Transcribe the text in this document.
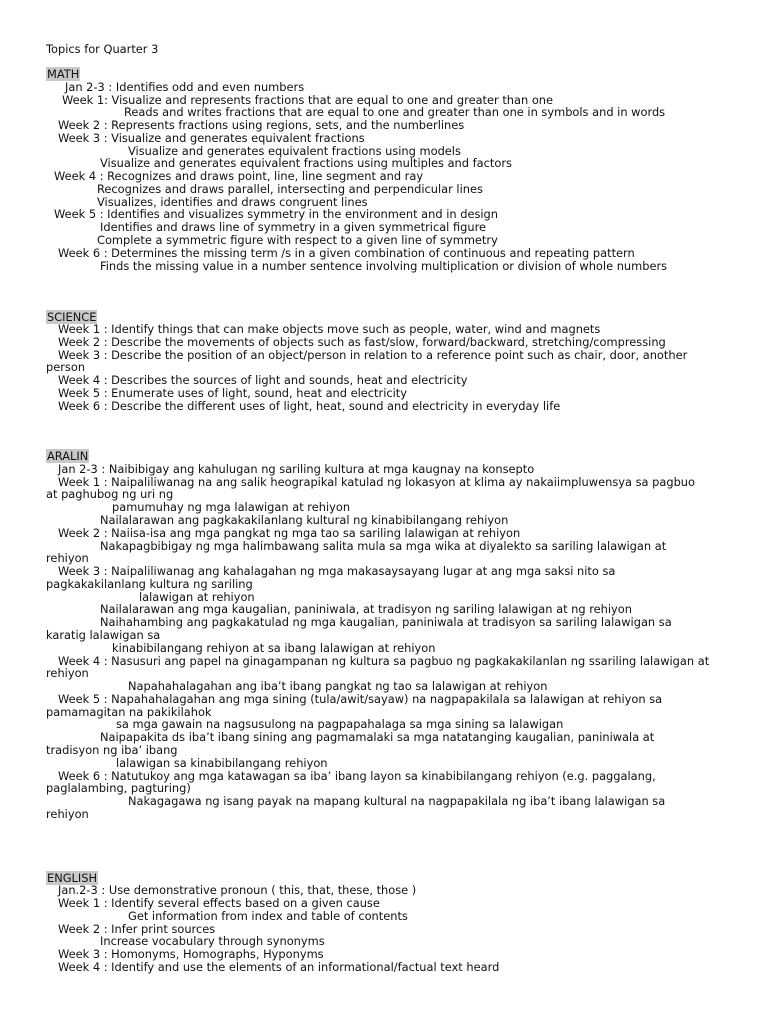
Topics for Quarter 3
MATH
Jan 2-3 : Identifies odd and even numbers
Week 1: Visualize and represents fractions that are equal to one and greater than one
Reads and writes fractions that are equal to one and greater than one in symbols and in words
Week 2 : Represents fractions using regions, sets, and the numberlines
Week 3 : Visualize and generates equivalent fractions
Visualize and generates equivalent fractions using models
Visualize and generates equivalent fractions using multiples and factors
Week 4 : Recognizes and draws point, line, line segment and ray
Recognizes and draws parallel, intersecting and perpendicular lines
Visualizes, identifies and draws congruent lines
Week 5 : Identifies and visualizes symmetry in the environment and in design
Identifies and draws line of symmetry in a given symmetrical figure
Complete a symmetric figure with respect to a given line of symmetry
Week 6 : Determines the missing term /s in a given combination of continuous and repeating pattern
Finds the missing value in a number sentence involving multiplication or division of whole numbers
SCIENCE
Week 1 : Identify things that can make objects move such as people, water, wind and magnets
Week 2 : Describe the movements of objects such as fast/slow, forward/backward, stretching/compressing
Week 3 : Describe the position of an object/person in relation to a reference point such as chair, door, another
person
Week 4 : Describes the sources of light and sounds, heat and electricity
Week 5 : Enumerate uses of light, sound, heat and electricity
Week 6 : Describe the different uses of light, heat, sound and electricity in everyday life
ARALIN
Jan 2-3 : Naibibigay ang kahulugan ng sariling kultura at mga kaugnay na konsepto
Week 1 : Naipaliliwanag na ang salik heograpikal katulad ng lokasyon at klima ay nakaiimpluwensya sa pagbuo
at paghubog ng uri ng
pamumuhay ng mga lalawigan at rehiyon
Nailalarawan ang pagkakakilanlang kultural ng kinabibilangang rehiyon
Week 2 : Naiisa-isa ang mga pangkat ng mga tao sa sariling lalawigan at rehiyon
Nakapagbibigay ng mga halimbawang salita mula sa mga wika at diyalekto sa sariling lalawigan at
rehiyon
Week 3 : Naipaliliwanag ang kahalagahan ng mga makasaysayang lugar at ang mga saksi nito sa
pagkakakilanlang kultura ng sariling
lalawigan at rehiyon
Nailalarawan ang mga kaugalian, paniniwala, at tradisyon ng sariling lalawigan at ng rehiyon
Naihahambing ang pagkakatulad ng mga kaugalian, paniniwala at tradisyon sa sariling lalawigan sa
karatig lalawigan sa
kinabibilangang rehiyon at sa ibang lalawigan at rehiyon
Week 4 : Nasusuri ang papel na ginagampanan ng kultura sa pagbuo ng pagkakakilanlan ng ssariling lalawigan at
rehiyon
Napahahalagahan ang iba’t ibang pangkat ng tao sa lalawigan at rehiyon
Week 5 : Napahahalagahan ang mga sining (tula/awit/sayaw) na nagpapakilala sa lalawigan at rehiyon sa
pamamagitan na pakikilahok
sa mga gawain na nagsusulong na pagpapahalaga sa mga sining sa lalawigan
Naipapakita ds iba’t ibang sining ang pagmamalaki sa mga natatanging kaugalian, paniniwala at
tradisyon ng iba’ ibang
lalawigan sa kinabibilangang rehiyon
Week 6 : Natutukoy ang mga katawagan sa iba’ ibang layon sa kinabibilangang rehiyon (e.g. paggalang,
paglalambing, pagturing)
Nakagagawa ng isang payak na mapang kultural na nagpapakilala ng iba’t ibang lalawigan sa
rehiyon
ENGLISH
Jan.2-3 : Use demonstrative pronoun ( this, that, these, those )
Week 1 : Identify several effects based on a given cause
Get information from index and table of contents
Week 2 : Infer print sources
Increase vocabulary through synonyms
Week 3 : Homonyms, Homographs, Hyponyms
Week 4 : Identify and use the elements of an informational/factual text heard
